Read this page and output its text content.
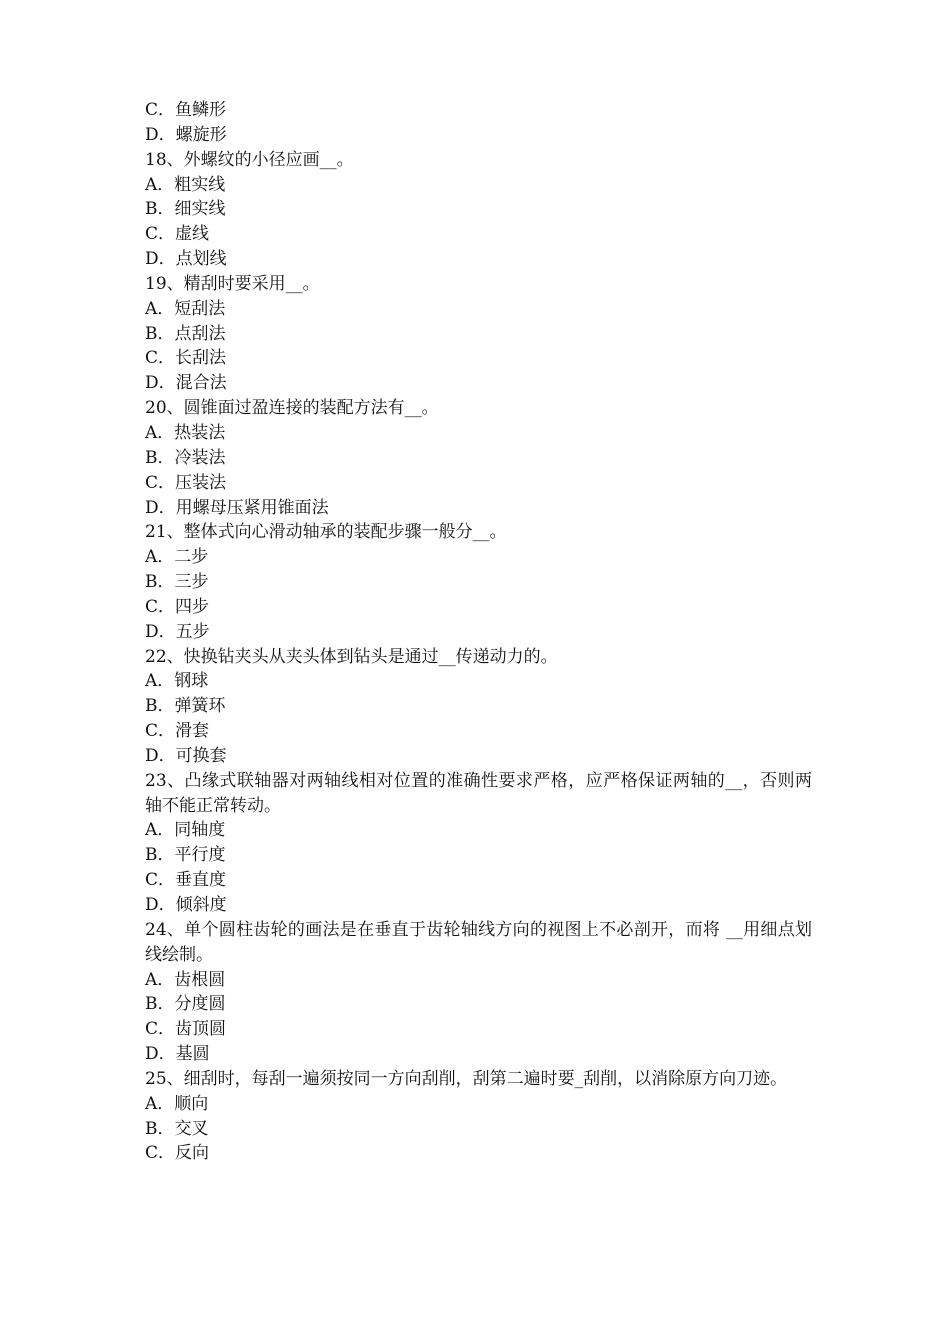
C．鱼鳞形

D．螺旋形

18、外螺纹的小径应画__。

A．粗实线

B．细实线

C．虚线

D．点划线

19、精刮时要采用__。

A．短刮法

B．点刮法

C．长刮法

D．混合法

20、圆锥面过盈连接的装配方法有__。

A．热装法

B．冷装法

C．压装法

D．用螺母压紧用锥面法

21、整体式向心滑动轴承的装配步骤一般分__。

A．二步

B．三步

C．四步

D．五步

22、快换钻夹头从夹头体到钻头是通过__传递动力的。

A．钢球

B．弹簧环

C．滑套

D．可换套

23、凸缘式联轴器对两轴线相对位置的准确性要求严格，应严格保证两轴的__，否则两轴不能正常转动。

A．同轴度

B．平行度

C．垂直度

D．倾斜度

24、单个圆柱齿轮的画法是在垂直于齿轮轴线方向的视图上不必剖开，而将 __用细点划线绘制。

A．齿根圆

B．分度圆

C．齿顶圆

D．基圆

25、细刮时，每刮一遍须按同一方向刮削，刮第二遍时要_刮削，以消除原方向刀迹。

A．顺向

B．交叉

C．反向
